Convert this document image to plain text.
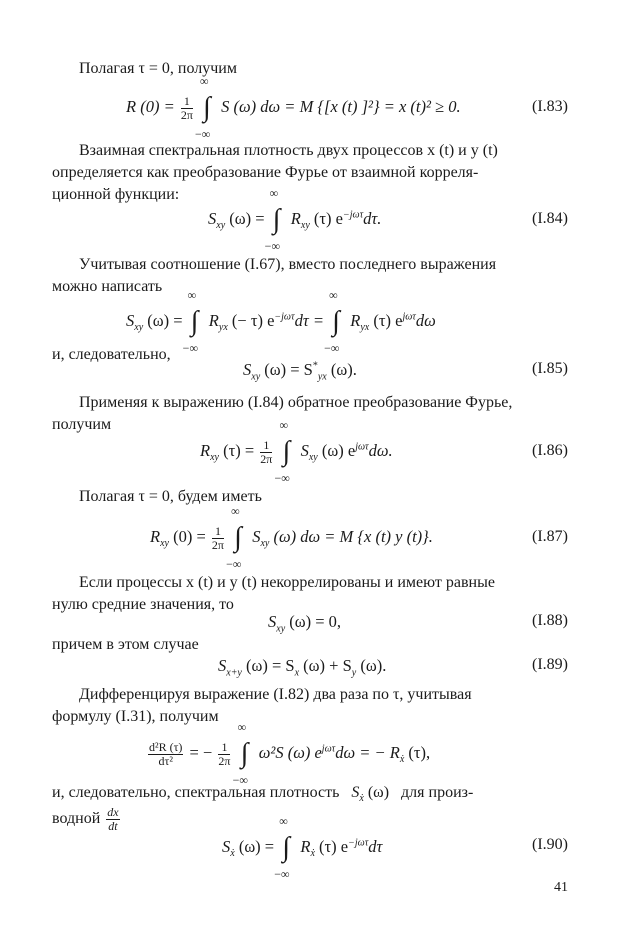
Полагая τ = 0, получим
R $(0) = \frac{1}{2\pi}$

∞
∫
−∞
S (ω) dω = M {[x (t) ]²} = x (t)² ≥ 0.	(I.83)
Взаимная спектральная плотность двух процессов x (t) и y (t)
определяется как преобразование Фурье от взаимной корреля-
ционной функции:
$S_{xy}$ (ω) =
∞
∫
−∞
$R_{xy}$ (τ) $e^{-j\omega\tau}d\tau$.	(I.84)
Учитывая соотношение (I.67), вместо последнего выражения
можно написать
$S_{xy}$ (ω) =
∞
∫
−∞
$R_{yx}$ (− τ) $e^{-j\omega\tau}d\tau$ =
∞
∫
−∞
$R_{yx}$ (τ) $e^{j\omega\tau}d\omega$
и, следовательно,
$S_{xy}$ $(\omega) = S^*_{yx}$ (ω).	(I.85)
Применяя к выражению (I.84) обратное преобразование Фурье,
получим
$R_{xy}$ $(\tau) = \frac{1}{2\pi}$

∞
∫
−∞
$S_{xy}$ (ω) $e^{j\omega\tau}d\omega$.	(I.86)
Полагая τ = 0, будем иметь
$R_{xy}$ $(0) = \frac{1}{2\pi}$

∞
∫
−∞
$S_{xy}$ (ω) dω = M {x (t) y (t)}.	(I.87)
Если процессы x (t) и y (t) некоррелированы и имеют равные
нулю средние значения, то
$S_{xy}$ (ω) = 0,	(I.88)
причем в этом случае
$S_{x+y}$ $(\omega) = S_x$ $(\omega) + S_y$ (ω).	(I.89)
Дифференцируя выражение (I.82) два раза по τ, учитывая
формулу (I.31), получим
$\frac{\text{d²R (τ)}}{\text{dτ²}}$ = − $\frac{1}{2\pi}$

∞
∫
−∞
ω²S (ω) $e^{j\omega\tau}d\omega$ = − $R_ẋ$ (τ),
и, следовательно, спектральная плотность $S_ẋ$ (ω) для произ-
водной $\frac{dx}{dt}$
$S_ẋ$ (ω) =
∞
∫
−∞
$R_ẋ$ (τ) $e^{-j\omega\tau}d\tau$	(I.90)
41
